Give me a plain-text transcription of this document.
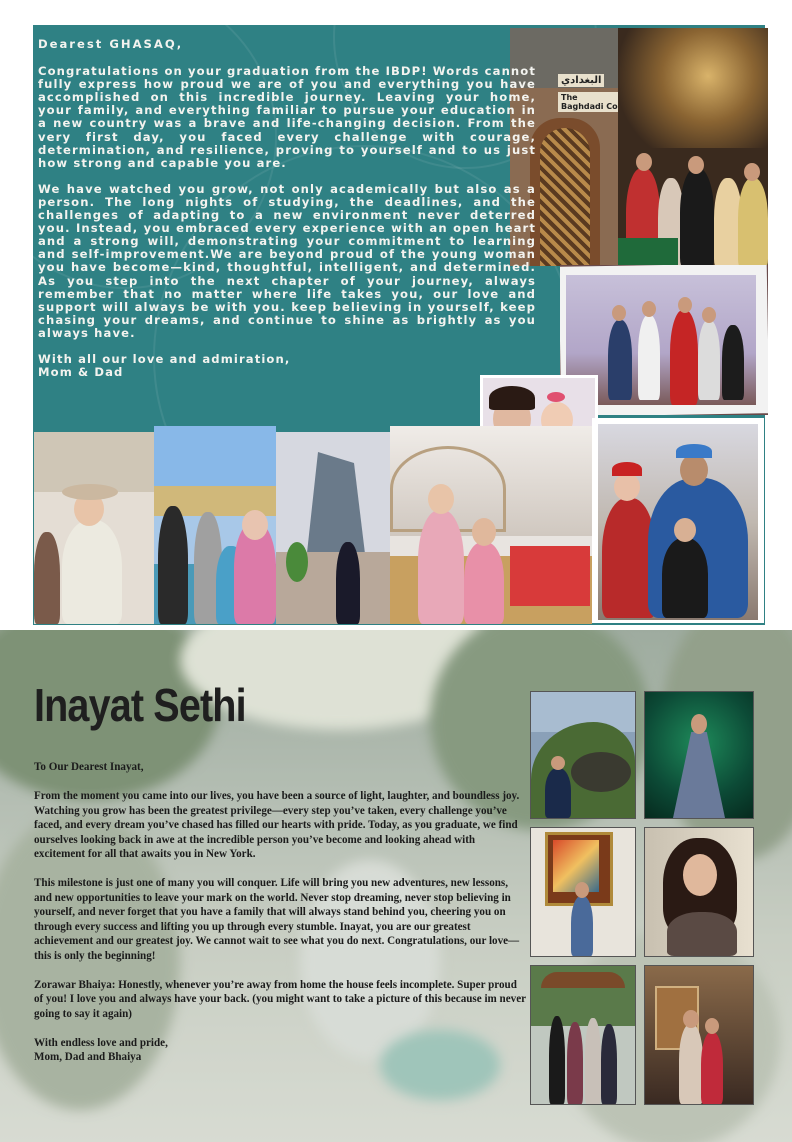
The Baghdadi Co
البغدادي

Dearest GHASAQ,

Congratulations on your graduation from the IBDP! Words cannot fully express how proud we are of you and everything you have accomplished on this incredible journey. Leaving your home, your family, and everything familiar to pursue your education in a new country was a brave and life-changing decision. From the very first day, you faced every challenge with courage, determination, and resilience, proving to yourself and to us just how strong and capable you are.

We have watched you grow, not only academically but also as a person. The long nights of studying, the deadlines, and the challenges of adapting to a new environment never deterred you. Instead, you embraced every experience with an open heart and a strong will, demonstrating your commitment to learning and self-improvement.We are beyond proud of the young woman you have become—kind, thoughtful, intelligent, and determined. As you step into the next chapter of your journey, always remember that no matter where life takes you, our love and support will always be with you. keep believing in yourself, keep chasing your dreams, and continue to shine as brightly as you always have.

With all our love and admiration,

Mom & Dad

Inayat Sethi

To Our Dearest Inayat,

From the moment you came into our lives, you have been a source of light, laughter, and boundless joy. Watching you grow has been the greatest privilege—every step you’ve taken, every challenge you’ve faced, and every dream you’ve chased has filled our hearts with pride. Today, as you graduate, we find ourselves looking back in awe at the incredible person you’ve become and looking ahead with excitement for all that awaits you in New York.

This milestone is just one of many you will conquer. Life will bring you new adventures, new lessons, and new opportunities to leave your mark on the world. Never stop dreaming, never stop believing in yourself, and never forget that you have a family that will always stand behind you, cheering you on through every success and lifting you up through every stumble. Inayat, you are our greatest achievement and our greatest joy. We cannot wait to see what you do next. Congratulations, our love—this is only the beginning!

Zorawar Bhaiya: Honestly, whenever you’re away from home the house feels incomplete. Super proud of you! I love you and always have your back. (you might want to take a picture of this because im never going to say it again)

With endless love and pride,

Mom, Dad and Bhaiya
